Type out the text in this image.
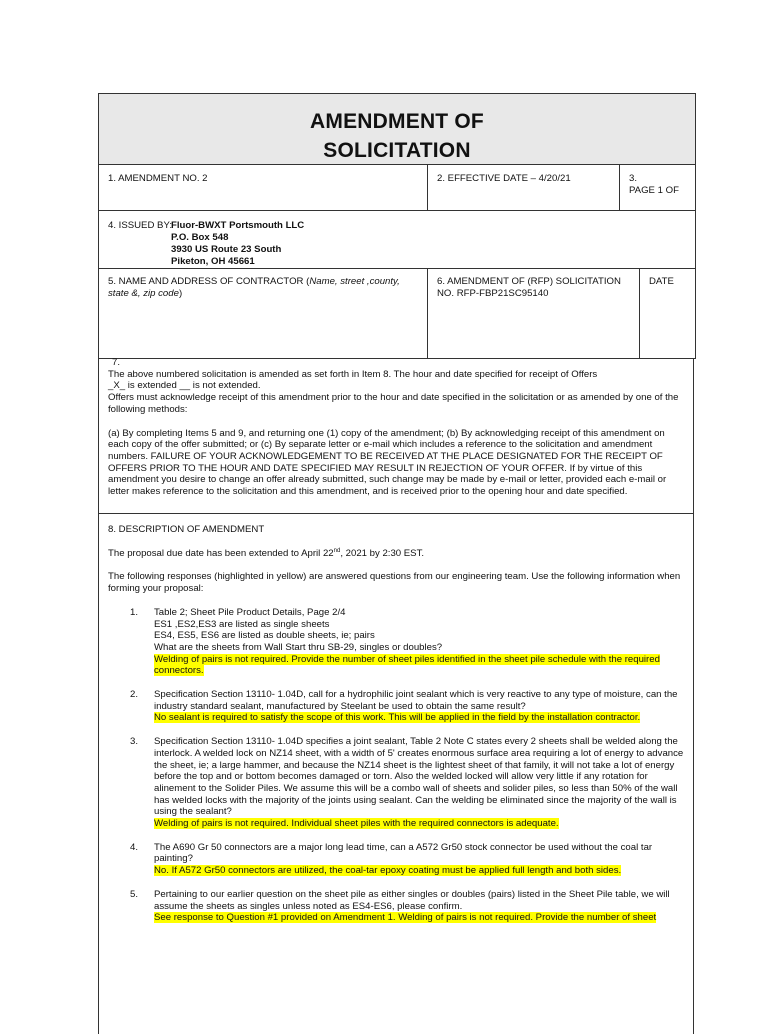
AMENDMENT OF
SOLICITATION
1. AMENDMENT NO. 2	2. EFFECTIVE DATE – 4/20/21	3.
PAGE 1 OF
4. ISSUED BY: Fluor-BWXT Portsmouth LLC
P.O. Box 548
3930 US Route 23 South
Piketon, OH 45661
5. NAME AND ADDRESS OF CONTRACTOR (Name, street ,county, state &, zip code)
6. AMENDMENT OF (RFP) SOLICITATION
NO. RFP-FBP21SC95140
DATE

7.

The above numbered solicitation is amended as set forth in Item 8. The hour and date specified for receipt of Offers

_X_ is extended __ is not extended.

Offers must acknowledge receipt of this amendment prior to the hour and date specified in the solicitation or as amended by one of the following methods:

(a) By completing Items 5 and 9, and returning one (1) copy of the amendment; (b) By acknowledging receipt of this amendment on each copy of the offer submitted; or (c) By separate letter or e-mail which includes a reference to the solicitation and amendment numbers. FAILURE OF YOUR ACKNOWLEDGEMENT TO BE RECEIVED AT THE PLACE DESIGNATED FOR THE RECEIPT OF OFFERS PRIOR TO THE HOUR AND DATE SPECIFIED MAY RESULT IN REJECTION OF YOUR OFFER. If by virtue of this amendment you desire to change an offer already submitted, such change may be made by e-mail or letter, provided each e-mail or letter makes reference to the solicitation and this amendment, and is received prior to the opening hour and date specified.

8. DESCRIPTION OF AMENDMENT

The proposal due date has been extended to April 22nd, 2021 by 2:30 EST.

The following responses (highlighted in yellow) are answered questions from our engineering team. Use the following information when forming your proposal:

1. Table 2; Sheet Pile Product Details, Page 2/4
ES1 ,ES2,ES3 are listed as single sheets
ES4, ES5, ES6 are listed as double sheets, ie; pairs
What are the sheets from Wall Start thru SB-29, singles or doubles?
Welding of pairs is not required. Provide the number of sheet piles identified in the sheet pile schedule with the required connectors.
2. Specification Section 13110- 1.04D, call for a hydrophilic joint sealant which is very reactive to any type of moisture, can the industry standard sealant, manufactured by Steelant be used to obtain the same result?
No sealant is required to satisfy the scope of this work. This will be applied in the field by the installation contractor.
3. Specification Section 13110- 1.04D specifies a joint sealant, Table 2 Note C states every 2 sheets shall be welded along the interlock. A welded lock on NZ14 sheet, with a width of 5' creates enormous surface area requiring a lot of energy to advance the sheet, ie; a large hammer, and because the NZ14 sheet is the lightest sheet of that family, it will not take a lot of energy before the top and or bottom becomes damaged or torn. Also the welded locked will allow very little if any rotation for alinement to the Solider Piles. We assume this will be a combo wall of sheets and solider piles, so less than 50% of the wall has welded locks with the majority of the joints using sealant. Can the welding be eliminated since the majority of the wall is using the sealant?
Welding of pairs is not required. Individual sheet piles with the required connectors is adequate.
4. The A690 Gr 50 connectors are a major long lead time, can a A572 Gr50 stock connector be used without the coal tar painting?
No. If A572 Gr50 connectors are utilized, the coal-tar epoxy coating must be applied full length and both sides.
5. Pertaining to our earlier question on the sheet pile as either singles or doubles (pairs) listed in the Sheet Pile table, we will assume the sheets as singles unless noted as ES4-ES6, please confirm.
See response to Question #1 provided on Amendment 1. Welding of pairs is not required. Provide the number of sheet
